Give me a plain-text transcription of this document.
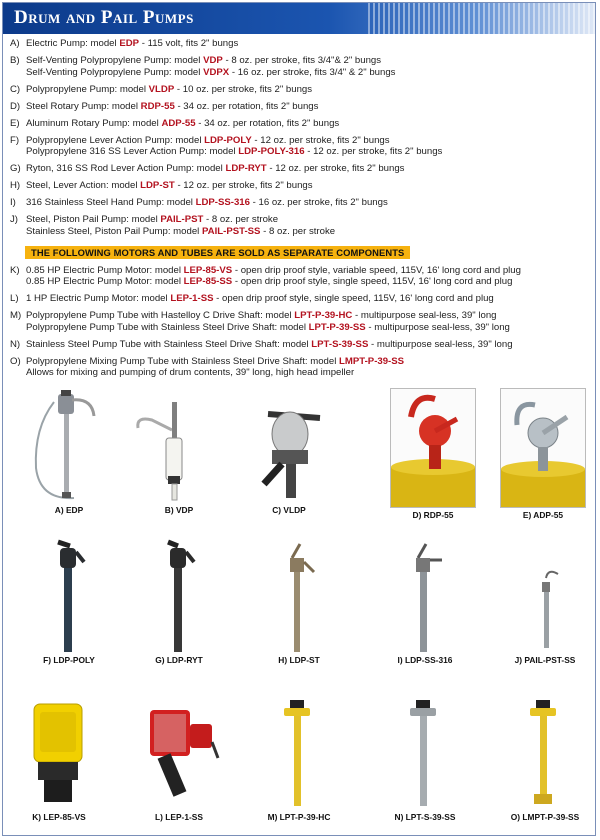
Drum and Pail Pumps
A) Electric Pump: model EDP - 115 volt, fits 2" bungs
B) Self-Venting Polypropylene Pump: model VDP - 8 oz. per stroke, fits 3/4"& 2" bungs
Self-Venting Polypropylene Pump: model VDPX - 16 oz. per stroke, fits 3/4" & 2" bungs
C) Polypropylene Pump: model VLDP - 10 oz. per stroke, fits 2" bungs
D) Steel Rotary Pump: model RDP-55 - 34 oz. per rotation, fits 2" bungs
E) Aluminum Rotary Pump: model ADP-55 - 34 oz. per rotation, fits 2" bungs
F) Polypropylene Lever Action Pump: model LDP-POLY - 12 oz. per stroke, fits 2" bungs
Polypropylene 316 SS Lever Action Pump: model LDP-POLY-316 - 12 oz. per stroke, fits 2" bungs
G) Ryton, 316 SS Rod Lever Action Pump: model LDP-RYT - 12 oz. per stroke, fits 2" bungs
H) Steel, Lever Action: model LDP-ST - 12 oz. per stroke, fits 2" bungs
I)	316 Stainless Steel Hand Pump: model LDP-SS-316 - 16 oz. per stroke, fits 2" bungs
J) Steel, Piston Pail Pump: model PAIL-PST - 8 oz. per stroke
Stainless Steel, Piston Pail Pump: model PAIL-PST-SS - 8 oz. per stroke
THE FOLLOWING MOTORS AND TUBES ARE SOLD AS SEPARATE COMPONENTS
K) 0.85 HP Electric Pump Motor: model LEP-85-VS - open drip proof style, variable speed, 115V, 16' long cord and plug
0.85 HP Electric Pump Motor: model LEP-85-SS - open drip proof style, single speed, 115V, 16' long cord and plug
L) 1 HP Electric Pump Motor: model LEP-1-SS - open drip proof style, single speed, 115V, 16' long cord and plug
M) Polypropylene Pump Tube with Hastelloy C Drive Shaft: model LPT-P-39-HC - multipurpose seal-less, 39" long
Polypropylene Pump Tube with Stainless Steel Drive Shaft: model LPT-P-39-SS - multipurpose seal-less, 39" long
N) Stainless Steel Pump Tube with Stainless Steel Drive Shaft: model LPT-S-39-SS - multipurpose seal-less, 39" long
O) Polypropylene Mixing Pump Tube with Stainless Steel Drive Shaft: model LMPT-P-39-SS
Allows for mixing and pumping of drum contents, 39" long, high head impeller
A) EDP	B) VDP	C) VLDP	D) RDP-55	E) ADP-55
F) LDP-POLY	G) LDP-RYT	H) LDP-ST	I) LDP-SS-316	J) PAIL-PST-SS
K) LEP-85-VS	L) LEP-1-SS	M) LPT-P-39-HC	N) LPT-S-39-SS	O) LMPT-P-39-SS
